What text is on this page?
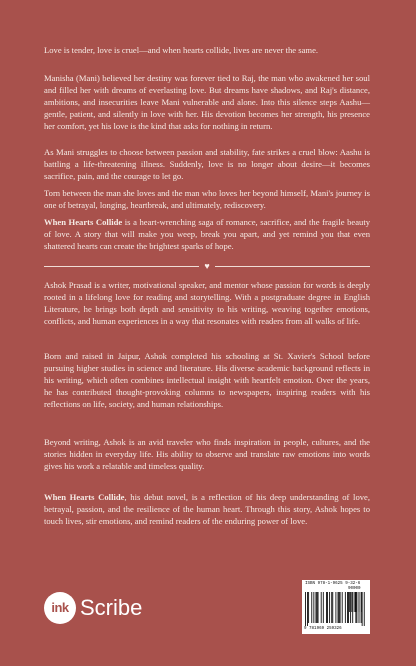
Love is tender, love is cruel—and when hearts collide, lives are never the same.

Manisha (Mani) believed her destiny was forever tied to Raj, the man who awakened her soul and filled her with dreams of everlasting love. But dreams have shadows, and Raj's distance, ambitions, and insecurities leave Mani vulnerable and alone. Into this silence steps Aashu—gentle, patient, and silently in love with her. His devotion becomes her strength, his presence her comfort, yet his love is the kind that asks for nothing in return.

As Mani struggles to choose between passion and stability, fate strikes a cruel blow: Aashu is battling a life-threatening illness. Suddenly, love is no longer about desire—it becomes sacrifice, pain, and the courage to let go.

Torn between the man she loves and the man who loves her beyond himself, Mani's journey is one of betrayal, longing, heartbreak, and ultimately, rediscovery.

When Hearts Collide is a heart-wrenching saga of romance, sacrifice, and the fragile beauty of love. A story that will make you weep, break you apart, and yet remind you that even shattered hearts can create the brightest sparks of hope.

♥

Ashok Prasad is a writer, motivational speaker, and mentor whose passion for words is deeply rooted in a lifelong love for reading and storytelling. With a postgraduate degree in English Literature, he brings both depth and sensitivity to his writing, weaving together emotions, conflicts, and human experiences in a way that resonates with readers from all walks of life.

Born and raised in Jaipur, Ashok completed his schooling at St. Xavier's School before pursuing higher studies in science and literature. His diverse academic background reflects in his writing, which often combines intellectual insight with heartfelt emotion. Over the years, he has contributed thought-provoking columns to newspapers, inspiring readers with his reflections on life, society, and human relationships.

Beyond writing, Ashok is an avid traveler who finds inspiration in people, cultures, and the stories hidden in everyday life. His ability to observe and translate raw emotions into words gives his work a relatable and timeless quality.

When Hearts Collide, his debut novel, is a reflection of his deep understanding of love, betrayal, passion, and the resilience of the human heart. Through this story, Ashok hopes to touch lives, stir emotions, and remind readers of the enduring power of love.

ink Scribe
ISBN 978-1-9625 9-32-6
90000
9 781969 259326
